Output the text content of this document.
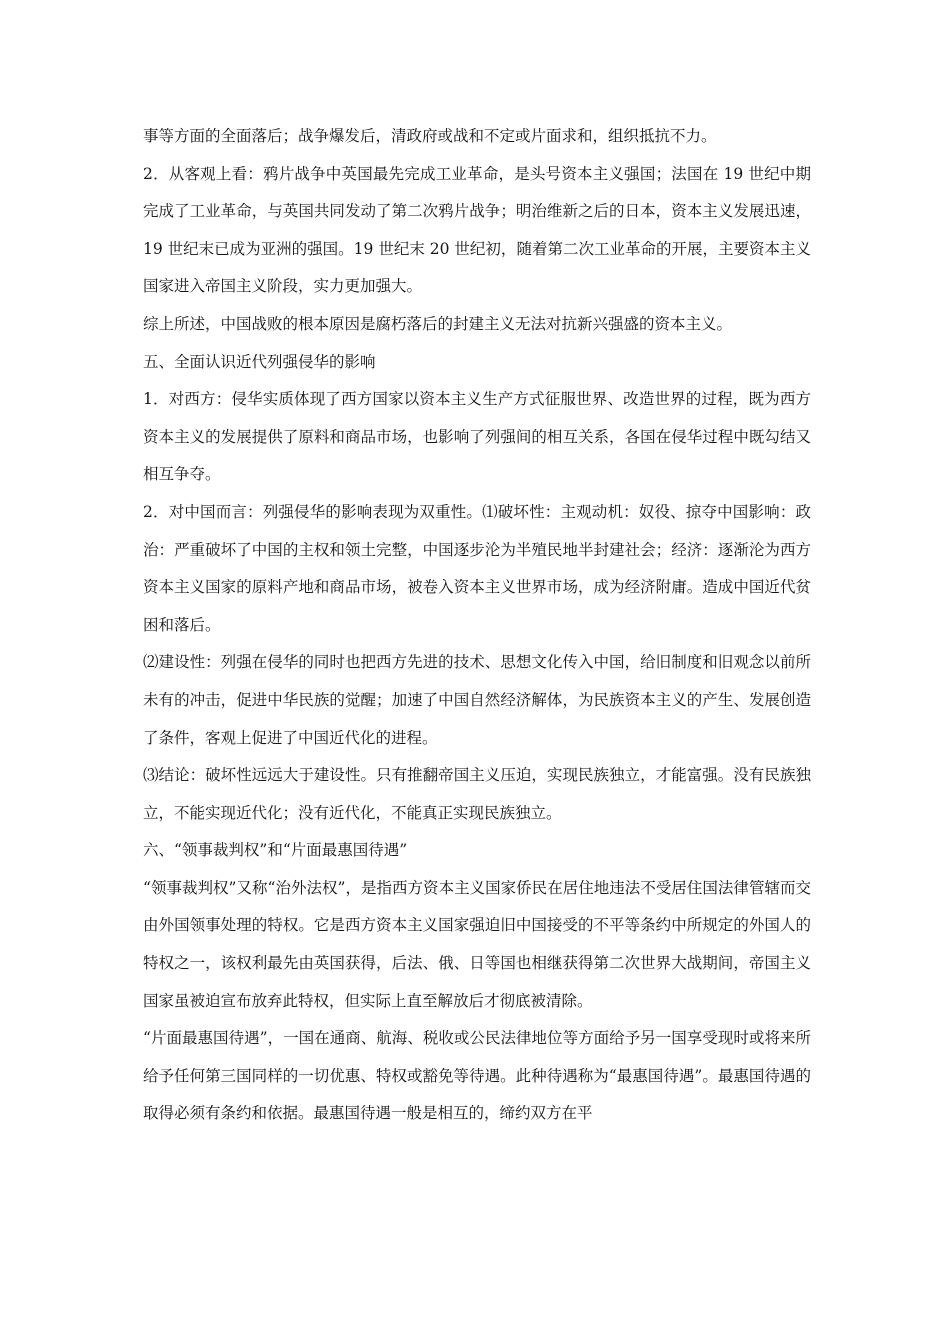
事等方面的全面落后；战争爆发后，清政府或战和不定或片面求和，组织抵抗不力。

2．从客观上看：鸦片战争中英国最先完成工业革命，是头号资本主义强国；法国在 19 世纪中期完成了工业革命，与英国共同发动了第二次鸦片战争；明治维新之后的日本，资本主义发展迅速，19 世纪末已成为亚洲的强国。19 世纪末 20 世纪初，随着第二次工业革命的开展，主要资本主义国家进入帝国主义阶段，实力更加强大。

综上所述，中国战败的根本原因是腐朽落后的封建主义无法对抗新兴强盛的资本主义。

五、全面认识近代列强侵华的影响

1．对西方：侵华实质体现了西方国家以资本主义生产方式征服世界、改造世界的过程，既为西方资本主义的发展提供了原料和商品市场，也影响了列强间的相互关系，各国在侵华过程中既勾结又相互争夺。

2．对中国而言：列强侵华的影响表现为双重性。⑴破坏性：主观动机：奴役、掠夺中国影响：政治：严重破坏了中国的主权和领土完整，中国逐步沦为半殖民地半封建社会；经济：逐渐沦为西方资本主义国家的原料产地和商品市场，被卷入资本主义世界市场，成为经济附庸。造成中国近代贫困和落后。

⑵建设性：列强在侵华的同时也把西方先进的技术、思想文化传入中国，给旧制度和旧观念以前所未有的冲击，促进中华民族的觉醒；加速了中国自然经济解体，为民族资本主义的产生、发展创造了条件，客观上促进了中国近代化的进程。

⑶结论：破坏性远远大于建设性。只有推翻帝国主义压迫，实现民族独立，才能富强。没有民族独立，不能实现近代化；没有近代化，不能真正实现民族独立。

六、“领事裁判权”和“片面最惠国待遇”

“领事裁判权”又称“治外法权”，是指西方资本主义国家侨民在居住地违法不受居住国法律管辖而交由外国领事处理的特权。它是西方资本主义国家强迫旧中国接受的不平等条约中所规定的外国人的特权之一，该权利最先由英国获得，后法、俄、日等国也相继获得第二次世界大战期间，帝国主义国家虽被迫宣布放弃此特权，但实际上直至解放后才彻底被清除。

“片面最惠国待遇”，一国在通商、航海、税收或公民法律地位等方面给予另一国享受现时或将来所给予任何第三国同样的一切优惠、特权或豁免等待遇。此种待遇称为“最惠国待遇”。最惠国待遇的取得必须有条约和依据。最惠国待遇一般是相互的，缔约双方在平
